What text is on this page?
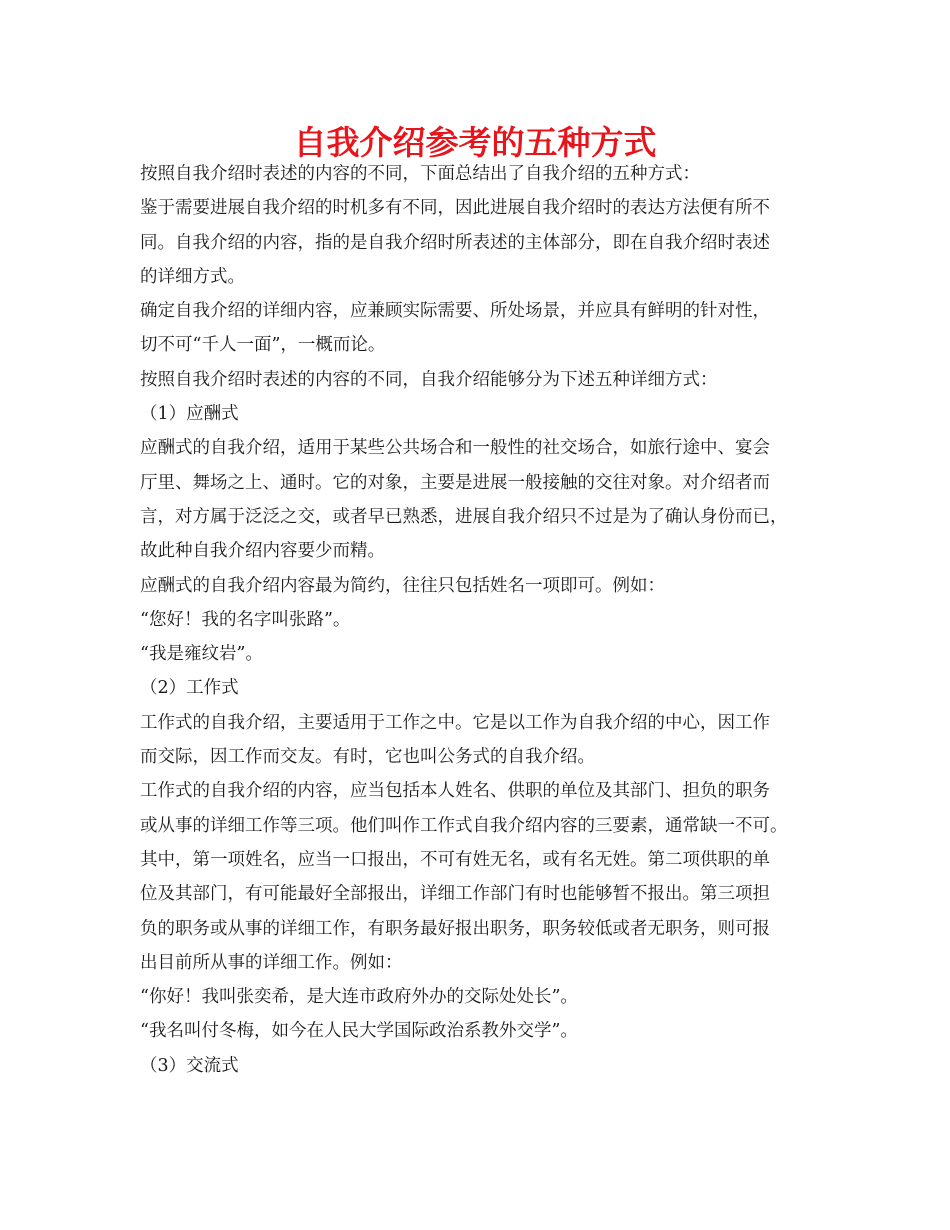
自我介绍参考的五种方式
按照自我介绍时表述的内容的不同，下面总结出了自我介绍的五种方式：
鉴于需要进展自我介绍的时机多有不同，因此进展自我介绍时的表达方法便有所不
同。自我介绍的内容，指的是自我介绍时所表述的主体部分，即在自我介绍时表述
的详细方式。
确定自我介绍的详细内容，应兼顾实际需要、所处场景，并应具有鲜明的针对性，
切不可“千人一面”，一概而论。
按照自我介绍时表述的内容的不同，自我介绍能够分为下述五种详细方式：
（1）应酬式
应酬式的自我介绍，适用于某些公共场合和一般性的社交场合，如旅行途中、宴会
厅里、舞场之上、通时。它的对象，主要是进展一般接触的交往对象。对介绍者而
言，对方属于泛泛之交，或者早已熟悉，进展自我介绍只不过是为了确认身份而已，
故此种自我介绍内容要少而精。
应酬式的自我介绍内容最为简约，往往只包括姓名一项即可。例如：
“您好！我的名字叫张路”。
“我是雍纹岩”。
（2）工作式
工作式的自我介绍，主要适用于工作之中。它是以工作为自我介绍的中心，因工作
而交际，因工作而交友。有时，它也叫公务式的自我介绍。
工作式的自我介绍的内容，应当包括本人姓名、供职的单位及其部门、担负的职务
或从事的详细工作等三项。他们叫作工作式自我介绍内容的三要素，通常缺一不可。
其中，第一项姓名，应当一口报出，不可有姓无名，或有名无姓。第二项供职的单
位及其部门，有可能最好全部报出，详细工作部门有时也能够暂不报出。第三项担
负的职务或从事的详细工作，有职务最好报出职务，职务较低或者无职务，则可报
出目前所从事的详细工作。例如：
“你好！我叫张奕希，是大连市政府外办的交际处处长”。
“我名叫付冬梅，如今在人民大学国际政治系教外交学”。
（3）交流式
